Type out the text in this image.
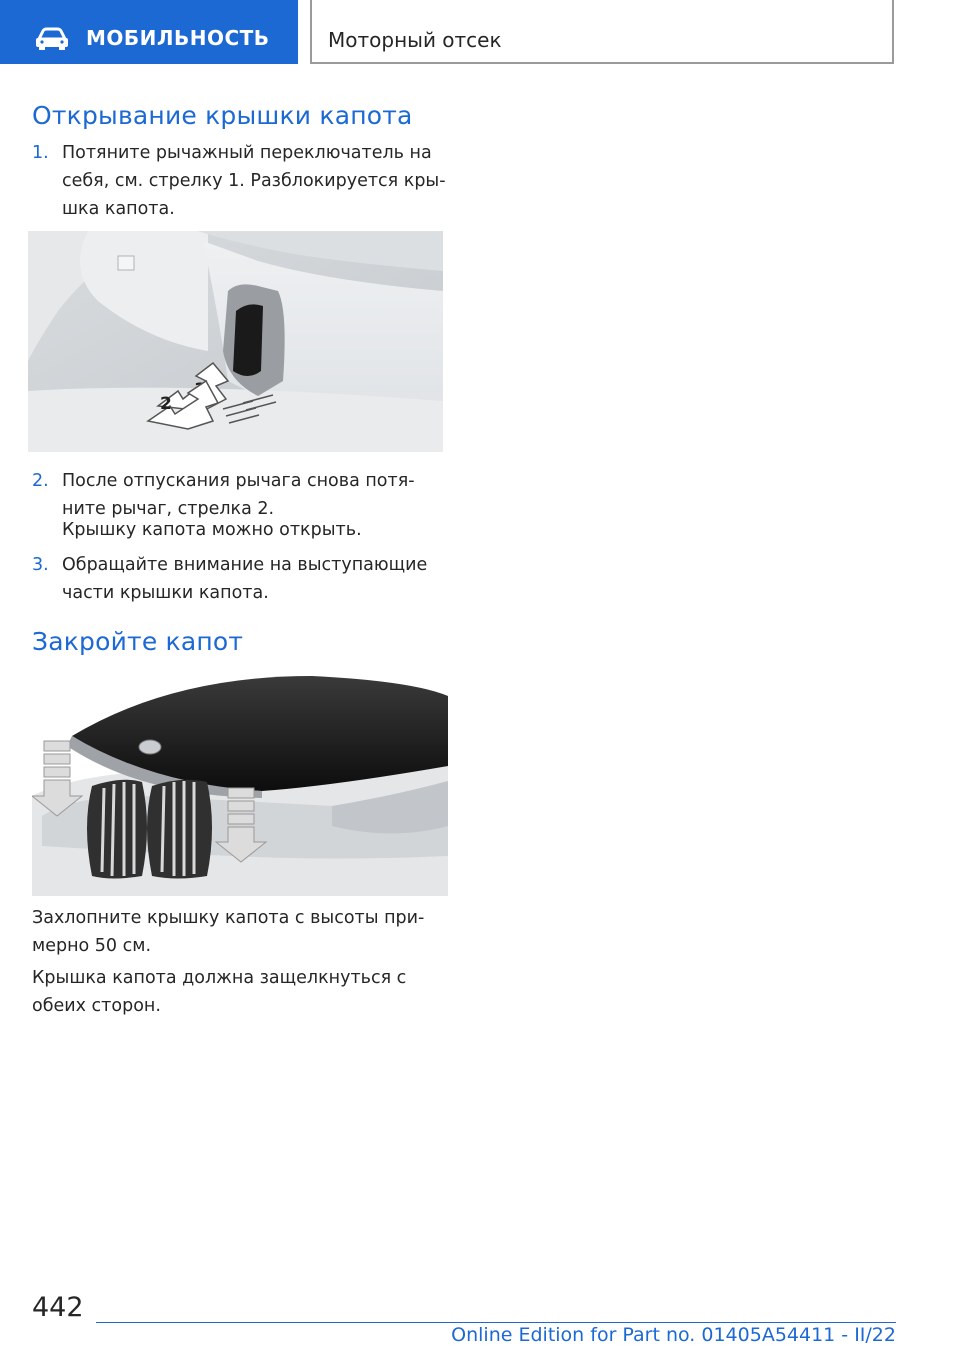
МОБИЛЬНОСТЬ	Моторный отсек
Открывание крышки капота
1. Потяните рычажный переключатель на себя, см. стрелку 1. Разблокируется кры-шка капота.
2
2. После отпускания рычага снова потя-ните рычаг, стрелка 2.
Крышку капота можно открыть.
3. Обращайте внимание на выступающие части крышки капота.
Закройте капот
Захлопните крышку капота с высоты при-мерно 50 см.
Крышка капота должна защелкнуться с обеих сторон.
442
Online Edition for Part no. 01405A54411 - II/22
